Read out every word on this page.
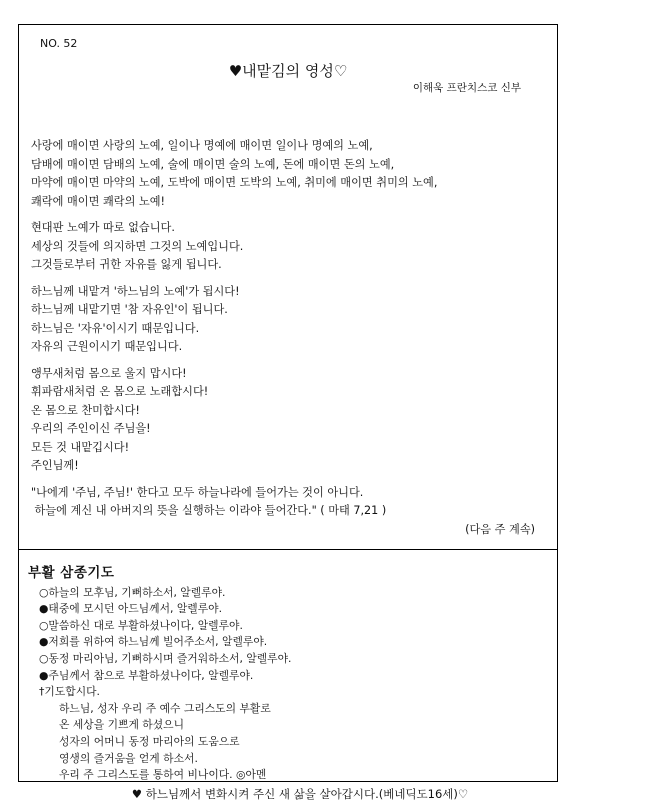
NO. 52
♥내맡김의 영성♡
이해욱 프란치스코 신부
사랑에 매이면 사랑의 노예, 일이나 명예에 매이면 일이나 명예의 노예,
담배에 매이면 담배의 노예, 술에 매이면 술의 노예, 돈에 매이면 돈의 노예,
마약에 매이면 마약의 노예, 도박에 매이면 도박의 노예, 취미에 매이면 취미의 노예,
쾌락에 매이면 쾌락의 노예!
현대판 노예가 따로 없습니다.
세상의 것들에 의지하면 그것의 노예입니다.
그것들로부터 귀한 자유를 잃게 됩니다.
하느님께 내맡겨 '하느님의 노예'가 됩시다!
하느님께 내맡기면 '참 자유인'이 됩니다.
하느님은 '자유'이시기 때문입니다.
자유의 근원이시기 때문입니다.
앵무새처럼 몸으로 울지 맙시다!
휘파람새처럼 온 몸으로 노래합시다!
온 몸으로 찬미합시다!
우리의 주인이신 주님을!
모든 것 내맡깁시다!
주인님께!
"나에게 '주님, 주님!' 한다고 모두 하늘나라에 들어가는 것이 아니다.
하늘에 계신 내 아버지의 뜻을 실행하는 이라야 들어간다." ( 마태 7,21 )
(다음 주 계속)
부활 삼종기도
○하늘의 모후님, 기뻐하소서, 알렐루야.
●태중에 모시던 아드님께서, 알렐루야.
○말씀하신 대로 부활하셨나이다, 알렐루야.
●저희를 위하여 하느님께 빌어주소서, 알렐루야.
○동정 마리아님, 기뻐하시며 즐거워하소서, 알렐루야.
●주님께서 참으로 부활하셨나이다, 알렐루야.
†기도합시다.
하느님, 성자 우리 주 예수 그리스도의 부활로
온 세상을 기쁘게 하셨으니
성자의 어머니 동정 마리아의 도움으로
영생의 즐거움을 얻게 하소서.
우리 주 그리스도를 통하여 비나이다. ◎아멘
♥ 하느님께서 변화시켜 주신 새 삶을 살아갑시다.(베네딕도16세)♡
